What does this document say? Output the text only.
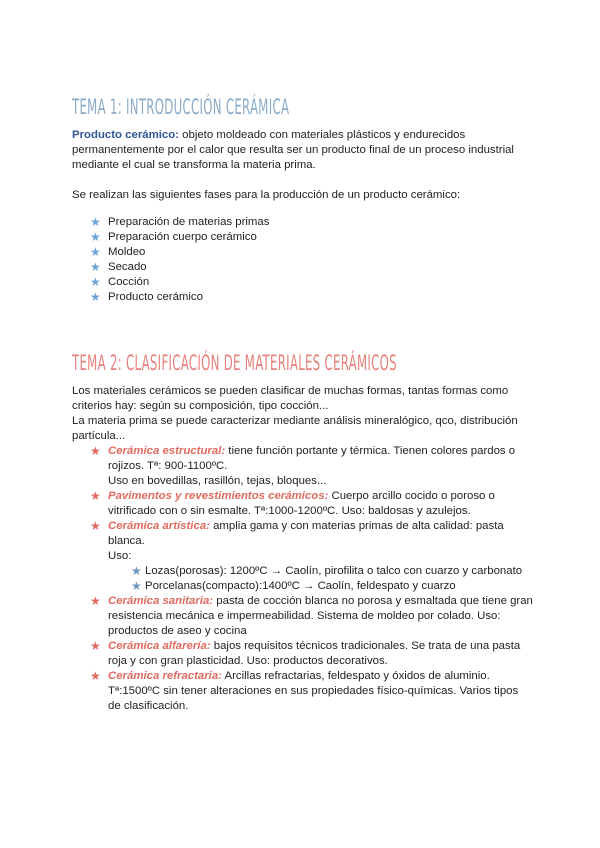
TEMA 1: INTRODUCCIÓN CERÁMICA

Producto cerámico: objeto moldeado con materiales plásticos y endurecidos permanentemente por el calor que resulta ser un producto final de un proceso industrial mediante el cual se transforma la materia prima.

Se realizan las siguientes fases para la producción de un producto cerámico:

★ Preparación de materias primas
★ Preparación cuerpo cerámico
★ Moldeo
★ Secado
★ Cocción
★ Producto cerámico
TEMA 2: CLASIFICACIÓN DE MATERIALES CERÁMICOS

Los materiales cerámicos se pueden clasificar de muchas formas, tantas formas como criterios hay: según su composición, tipo cocción...

La materia prima se puede caracterizar mediante análisis mineralógico, qco, distribución partícula...

★ Cerámica estructural: tiene función portante y térmica. Tienen colores pardos o rojizos. Tª: 900-1100ºC.
Uso en bovedillas, rasillón, tejas, bloques...
★ Pavimentos y revestimientos cerámicos: Cuerpo arcillo cocido o poroso o vitrificado con o sin esmalte. Tª:1000-1200ºC. Uso: baldosas y azulejos.
★ Cerámica artística: amplia gama y con materias primas de alta calidad: pasta blanca.
Uso:
★ Lozas(porosas): 1200ºC → Caolín, pirofilita o talco con cuarzo y carbonato
★ Porcelanas(compacto):1400ºC → Caolín, feldespato y cuarzo
★ Cerámica sanitaria: pasta de cocción blanca no porosa y esmaltada que tiene gran resistencia mecánica e impermeabilidad. Sistema de moldeo por colado. Uso: productos de aseo y cocina
★ Cerámica alfarería: bajos requisitos técnicos tradicionales. Se trata de una pasta roja y con gran plasticidad. Uso: productos decorativos.
★ Cerámica refractaria: Arcillas refractarias, feldespato y óxidos de aluminio. Tª:1500ºC sin tener alteraciones en sus propiedades físico-químicas. Varios tipos de clasificación.
